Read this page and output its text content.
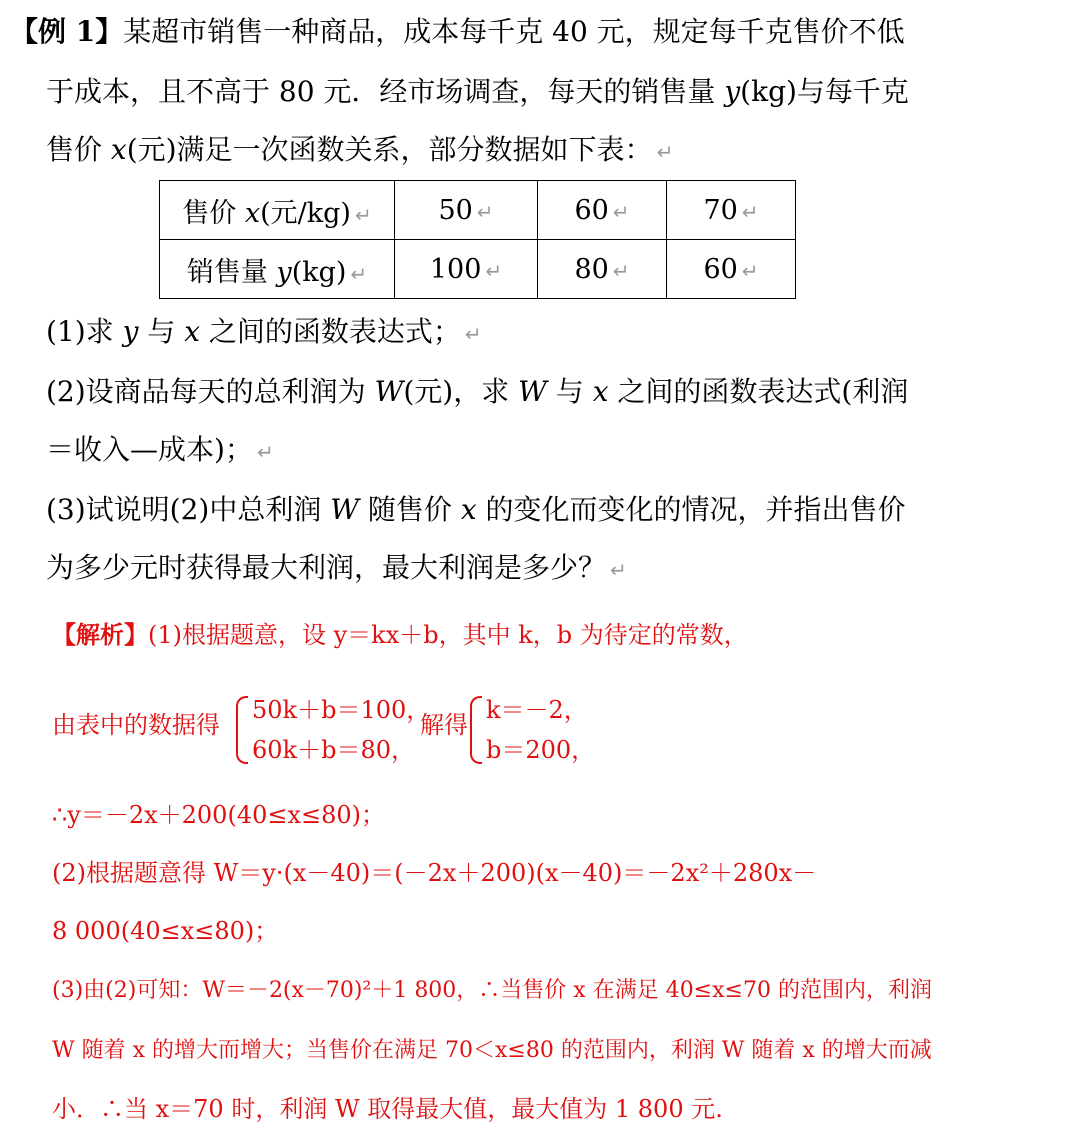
【例 1】某超市销售一种商品，成本每千克 40 元，规定每千克售价不低
于成本，且不高于 80 元．经市场调查，每天的销售量 y(kg)与每千克
售价 x(元)满足一次函数关系，部分数据如下表： ↵
售价 x(元/kg) ↵	50 ↵	60 ↵	70 ↵
销售量 y(kg) ↵	100 ↵	80 ↵	60 ↵
(1)求 y 与 x 之间的函数表达式； ↵
(2)设商品每天的总利润为 W(元)，求 W 与 x 之间的函数表达式(利润
＝收入—成本)； ↵
(3)试说明(2)中总利润 W 随售价 x 的变化而变化的情况，并指出售价
为多少元时获得最大利润，最大利润是多少？ ↵
【解析】(1)根据题意，设 y＝kx＋b，其中 k，b 为待定的常数，
由表中的数据得
50k＋b＝100，
60k＋b＝80，
解得
k＝－2，
b＝200，
∴y＝－2x＋200(40≤x≤80)；
(2)根据题意得 W＝y·(x－40)＝(－2x＋200)(x－40)＝－2x²＋280x－
8 000(40≤x≤80)；
(3)由(2)可知：W＝－2(x－70)²＋1 800，∴当售价 x 在满足 40≤x≤70 的范围内，利润
W 随着 x 的增大而增大；当售价在满足 70＜x≤80 的范围内，利润 W 随着 x 的增大而减
小．∴当 x＝70 时，利润 W 取得最大值，最大值为 1 800 元.
